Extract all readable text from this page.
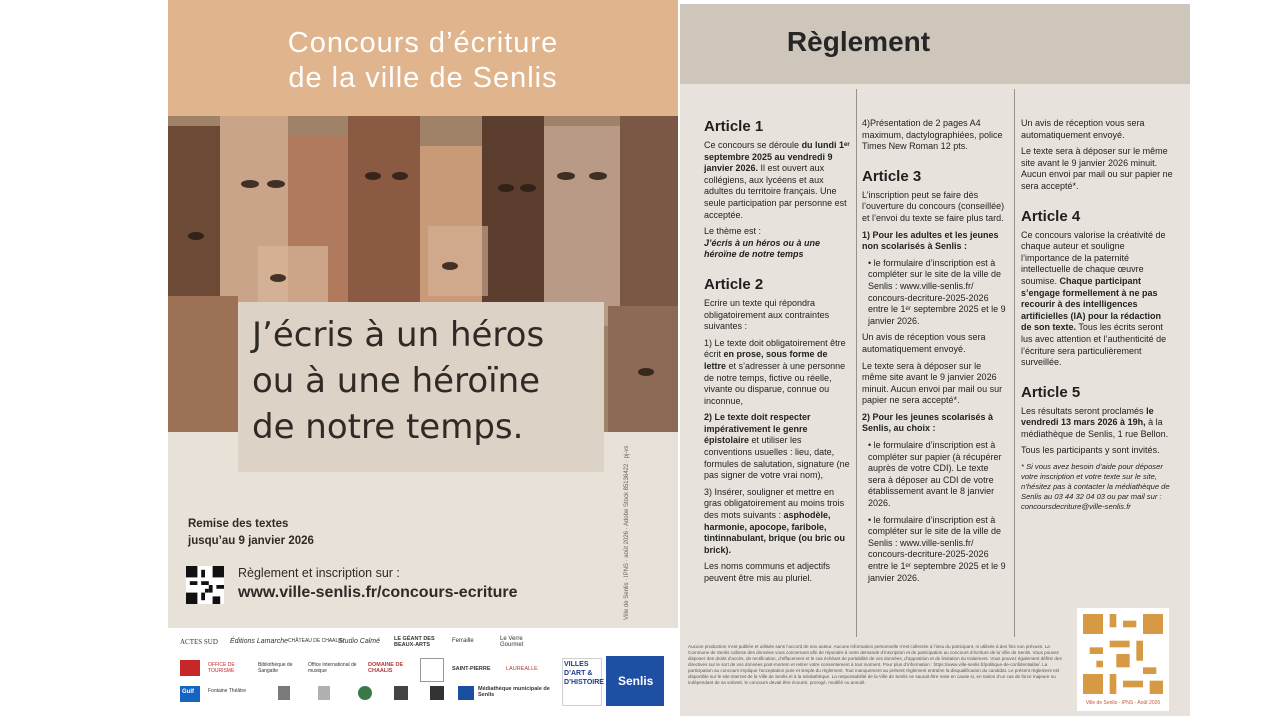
Concours d’écriture
de la ville de Senlis
J’écris à un héros
ou à une héroïne
de notre temps.
Remise des textes
jusqu’au 9 janvier 2026
Règlement et inscription sur :
www.ville-senlis.fr/concours-ecriture	Ville de Senlis · IPNS · août 2026 · Adobe Stock 85136422 · pj-vs
ACTES SUD Éditions Lamarche CHÂTEAU DE CHAALIS
Studio Calmé	LE GÉANT DES BEAUX-ARTS
Ferraille	Le Verre Gourmet
OFFICE DE TOURISME
Bibliothèque de Sangatte
Office international de musique
DOMAINE DE CHAALIS	SAINT-PIERRE	LAUREALLE
Gulf	Fontaine Théâtre	Médiathèque municipale de Senlis
VILLES D’ART & D’HISTOIRE Senlis
Règlement
Article 1

Ce concours se déroule du lundi 1ᵉʳ septembre 2025 au vendredi 9 janvier 2026. Il est ouvert aux collégiens, aux lycéens et aux adultes du territoire français. Une seule participation par personne est acceptée.

Le thème est :

J’écris à un héros ou à une héroïne de notre temps

Article 2

Ecrire un texte qui répondra obligatoirement aux contraintes suivantes :

1) Le texte doit obligatoirement être écrit en prose, sous forme de lettre et s’adresser à une personne de notre temps, fictive ou réelle, vivante ou disparue, connue ou inconnue,

2) Le texte doit respecter impérativement le genre épistolaire et utiliser les conventions usuelles : lieu, date, formules de salutation, signature (ne pas signer de votre vrai nom),

3) Insérer, souligner et mettre en gras obligatoirement au moins trois des mots suivants : asphodèle, harmonie, apocope, faribole, tintinnabulant, brique (ou bric ou brick).

Les noms communs et adjectifs peuvent être mis au pluriel.

4)Présentation de 2 pages A4 maximum, dactylographiées, police Times New Roman 12 pts.

Article 3

L’inscription peut se faire dès l’ouverture du concours (conseillée) et l’envoi du texte se faire plus tard.

1) Pour les adultes et les jeunes non scolarisés à Senlis :

• le formulaire d’inscription est à compléter sur le site de la ville de Senlis : www.ville-senlis.fr/ concours-decriture-2025-2026 entre le 1ᵉʳ septembre 2025 et le 9 janvier 2026.

Un avis de réception vous sera automatiquement envoyé.

Le texte sera à déposer sur le même site avant le 9 janvier 2026 minuit. Aucun envoi par mail ou sur papier ne sera accepté*.

2) Pour les jeunes scolarisés à Senlis, au choix :

• le formulaire d’inscription est à compléter sur papier (à récupérer auprès de votre CDI). Le texte sera à déposer au CDI de votre établissement avant le 8 janvier 2026.

• le formulaire d’inscription est à compléter sur le site de la ville de Senlis : www.ville-senlis.fr/ concours-decriture-2025-2026 entre le 1ᵉʳ septembre 2025 et le 9 janvier 2026.

Un avis de réception vous sera automatiquement envoyé.

Le texte sera à déposer sur le même site avant le 9 janvier 2026 minuit. Aucun envoi par mail ou sur papier ne sera accepté*.

Article 4

Ce concours valorise la créativité de chaque auteur et souligne l’importance de la paternité intellectuelle de chaque œuvre soumise. Chaque participant s’engage formellement à ne pas recourir à des intelligences artificielles (IA) pour la rédaction de son texte. Tous les écrits seront lus avec attention et l’authenticité de l’écriture sera particulièrement surveillée.

Article 5

Les résultats seront proclamés le vendredi 13 mars 2026 à 19h, à la médiathèque de Senlis, 1 rue Bellon.

Tous les participants y sont invités.

* Si vous avez besoin d’aide pour déposer votre inscription et votre texte sur le site, n’hésitez pas à contacter la médiathèque de Senlis au 03 44 32 04 03 ou par mail sur : concoursdecriture@ville-senlis.fr

Aucune production n’est publiée et utilisée sans l’accord de son auteur. Aucune information personnelle n’est collectée à l’insu du participant, ni utilisée à des fins non prévues. La Commune de Senlis collecte des données vous concernant afin de répondre à votre demande d’inscription et de participation au concours d’écriture de la Ville de Senlis. Vous pouvez disposer des droits d’accès, de rectification, d’effacement et le cas échéant de portabilité de vos données, d’opposition et de limitation du traitement. Vous pouvez également définir des directives sur le sort de vos données post-mortem et retirer votre consentement à tout moment. Pour plus d’information : https://www.ville-senlis.fr/politique-de-confidentialite/. La participation au concours implique l’acceptation pure et simple du règlement. Tout manquement au présent règlement entraîne la disqualification du candidat. Le présent règlement est disponible sur le site internet de la Ville de Senlis et à la médiathèque. La responsabilité de la Ville de Senlis ne saurait être mise en cause si, en raison d’un cas de force majeure ou indépendant de sa volonté, le concours devait être écourté, prorogé, modifié ou annulé.
Ville de Senlis - IPNS - Août 2026
